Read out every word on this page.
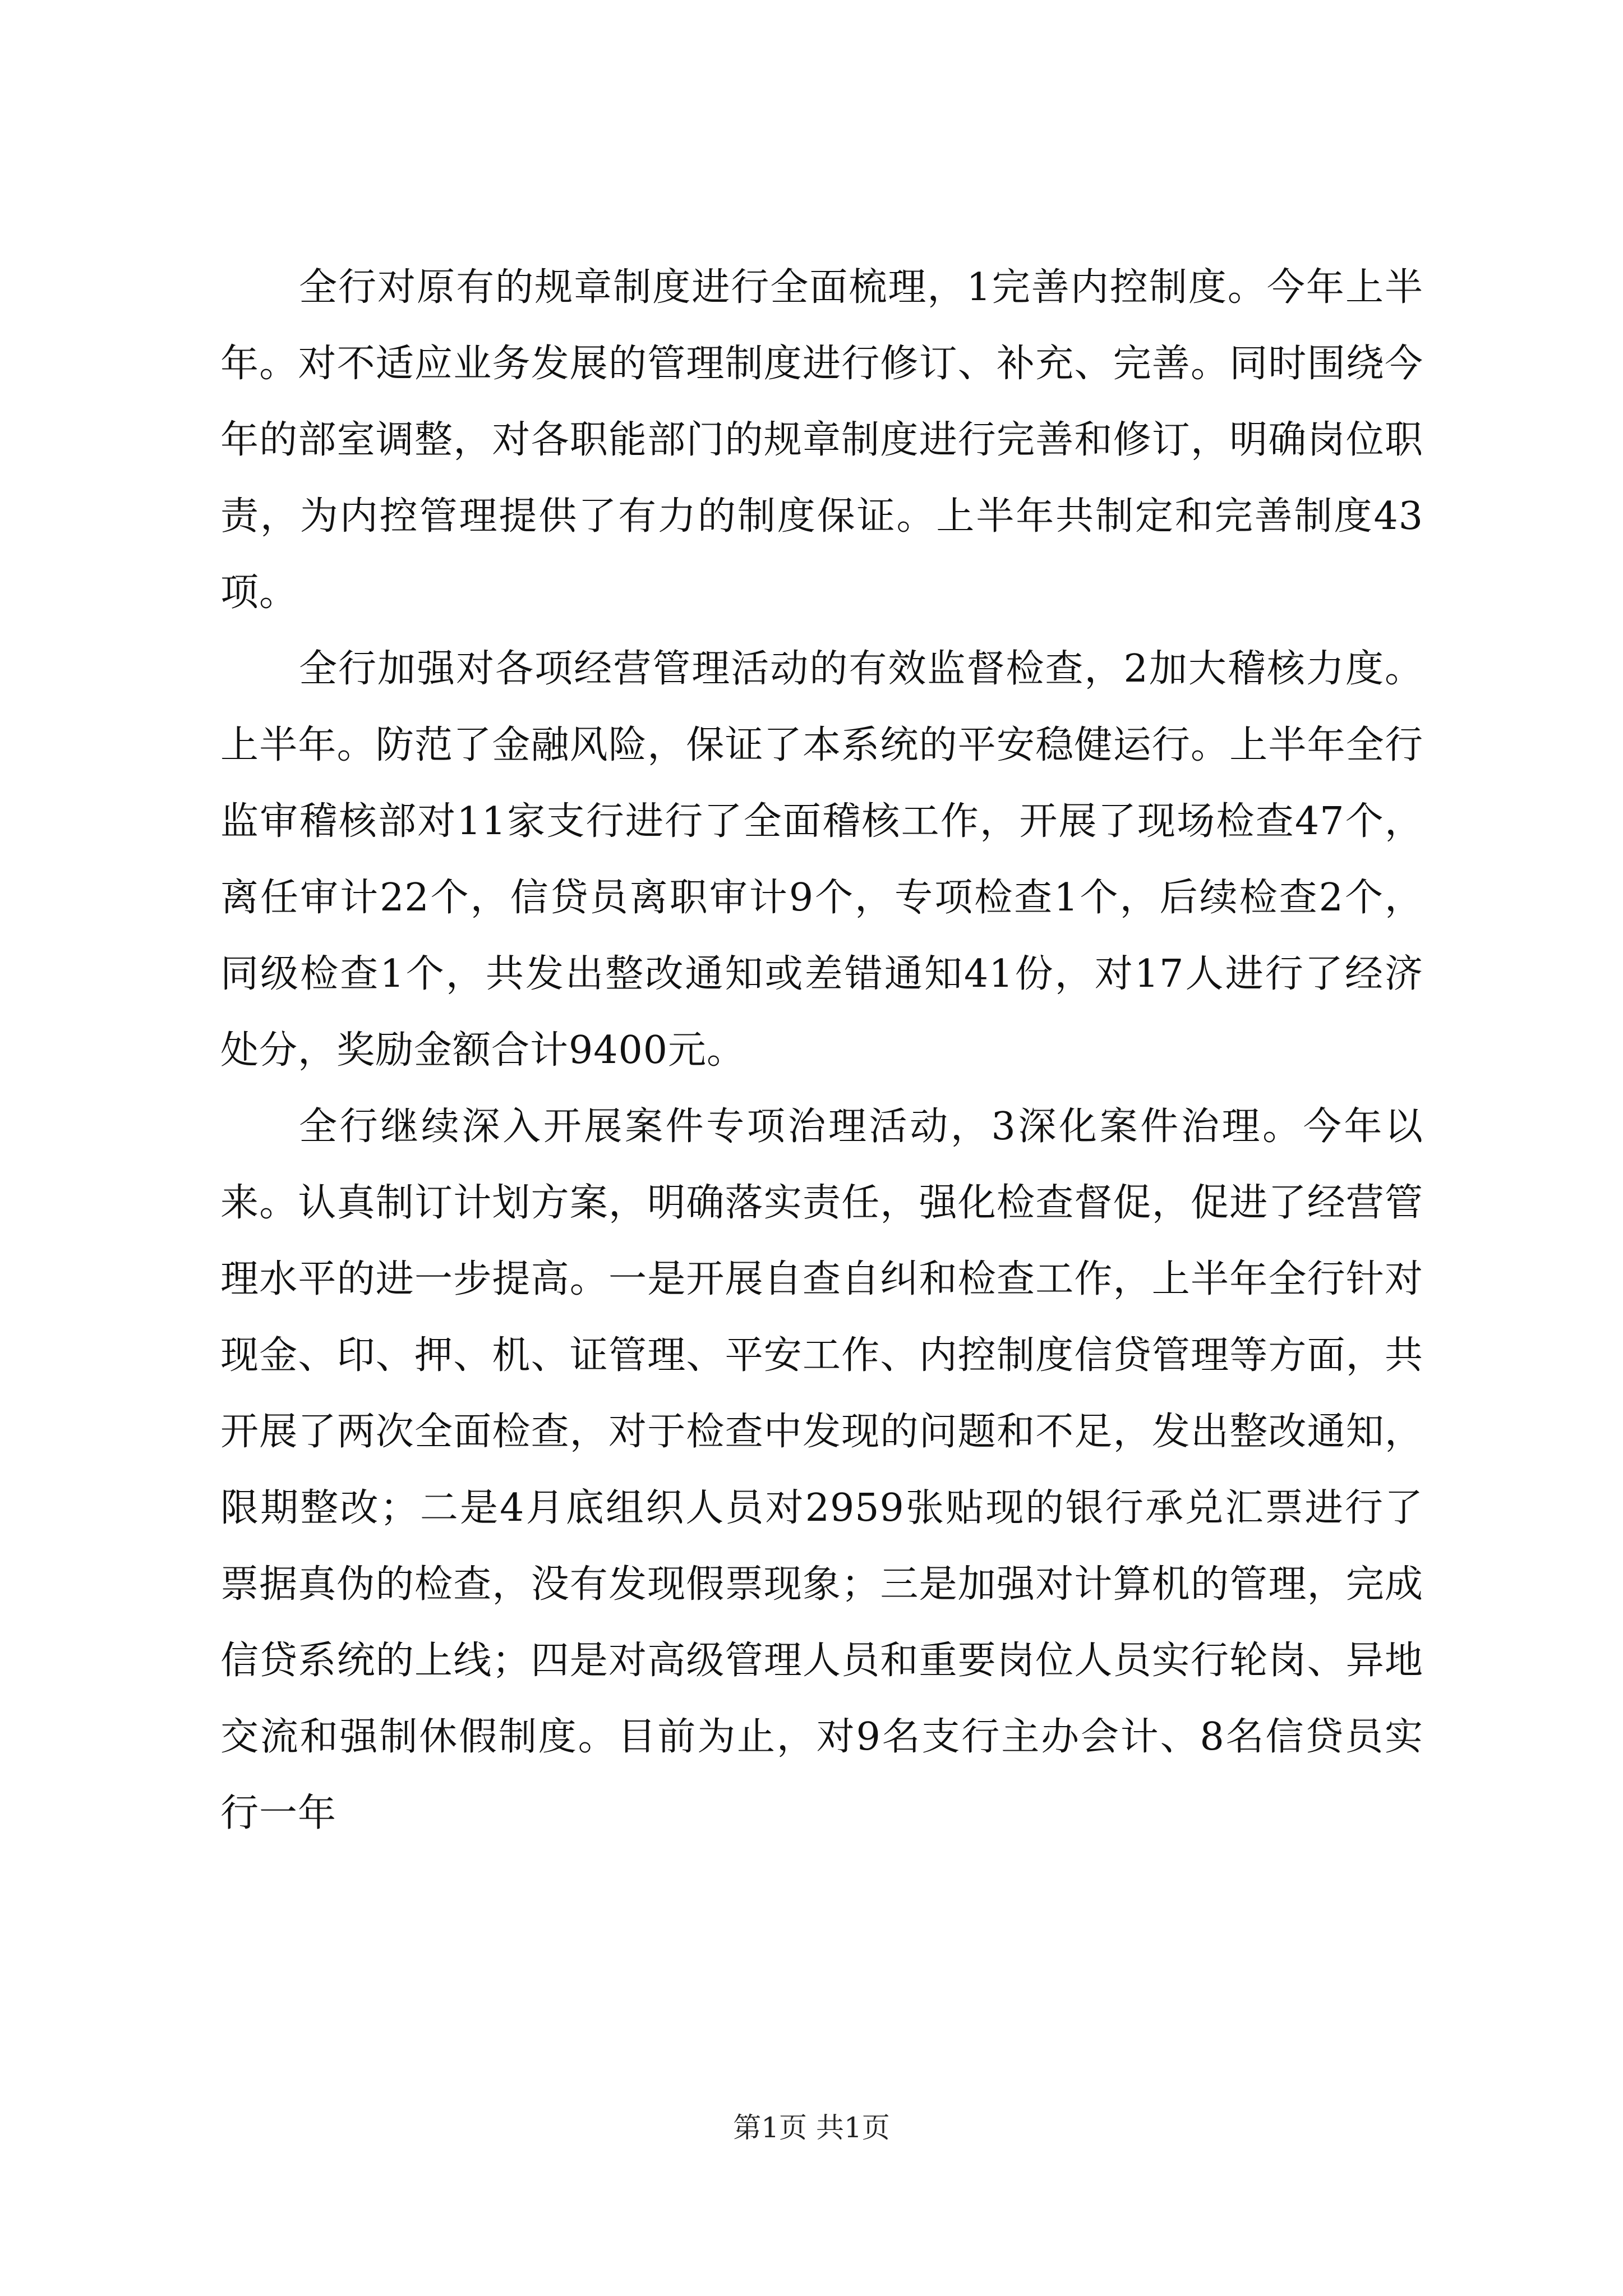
全行对原有的规章制度进行全面梳理，1完善内控制度。今年上半年。对不适应业务发展的管理制度进行修订、补充、完善。同时围绕今年的部室调整，对各职能部门的规章制度进行完善和修订，明确岗位职责，为内控管理提供了有力的制度保证。上半年共制定和完善制度43项。

全行加强对各项经营管理活动的有效监督检查，2加大稽核力度。上半年。防范了金融风险，保证了本系统的平安稳健运行。上半年全行监审稽核部对11家支行进行了全面稽核工作，开展了现场检查47个，离任审计22个，信贷员离职审计9个，专项检查1个，后续检查2个，同级检查1个，共发出整改通知或差错通知41份，对17人进行了经济处分，奖励金额合计9400元。

全行继续深入开展案件专项治理活动，3深化案件治理。今年以来。认真制订计划方案，明确落实责任，强化检查督促，促进了经营管理水平的进一步提高。一是开展自查自纠和检查工作，上半年全行针对现金、印、押、机、证管理、平安工作、内控制度信贷管理等方面，共开展了两次全面检查，对于检查中发现的问题和不足，发出整改通知，限期整改；二是4月底组织人员对2959张贴现的银行承兑汇票进行了票据真伪的检查，没有发现假票现象；三是加强对计算机的管理，完成信贷系统的上线；四是对高级管理人员和重要岗位人员实行轮岗、异地交流和强制休假制度。目前为止，对9名支行主办会计、8名信贷员实行一年

第1页 共1页
